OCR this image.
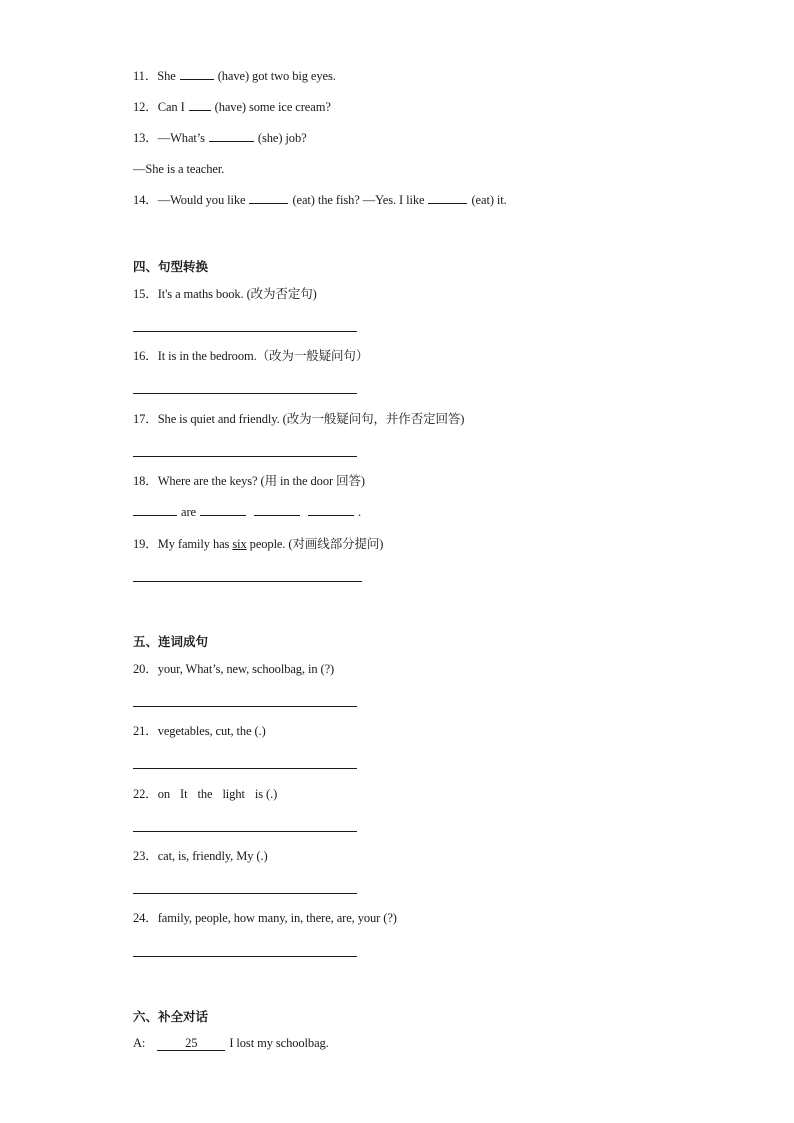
11．She	(have) got two big eyes.
12．Can I (have) some ice cream?
13．—What’s	(she) job?
—She is a teacher.
14．—Would you like	(eat) the fish? —Yes. I like	(eat) it.
四、句型转换
15．It's a maths book. (改为否定句)
16．It is in the bedroom.（改为一般疑问句）
17．She is quiet and friendly. (改为一般疑问句，并作否定回答)
18．Where are the keys? (用 in the door 回答)
are	.
19．My family has six people. (对画线部分提问)
五、连词成句
20．your, What’s, new, schoolbag, in (?)
21．vegetables, cut, the (.)
22．on It the light is (.)
23．cat, is, friendly, My (.)
24．family, people, how many, in, there, are, your (?)
六、补全对话
A:	25	I lost my schoolbag.
